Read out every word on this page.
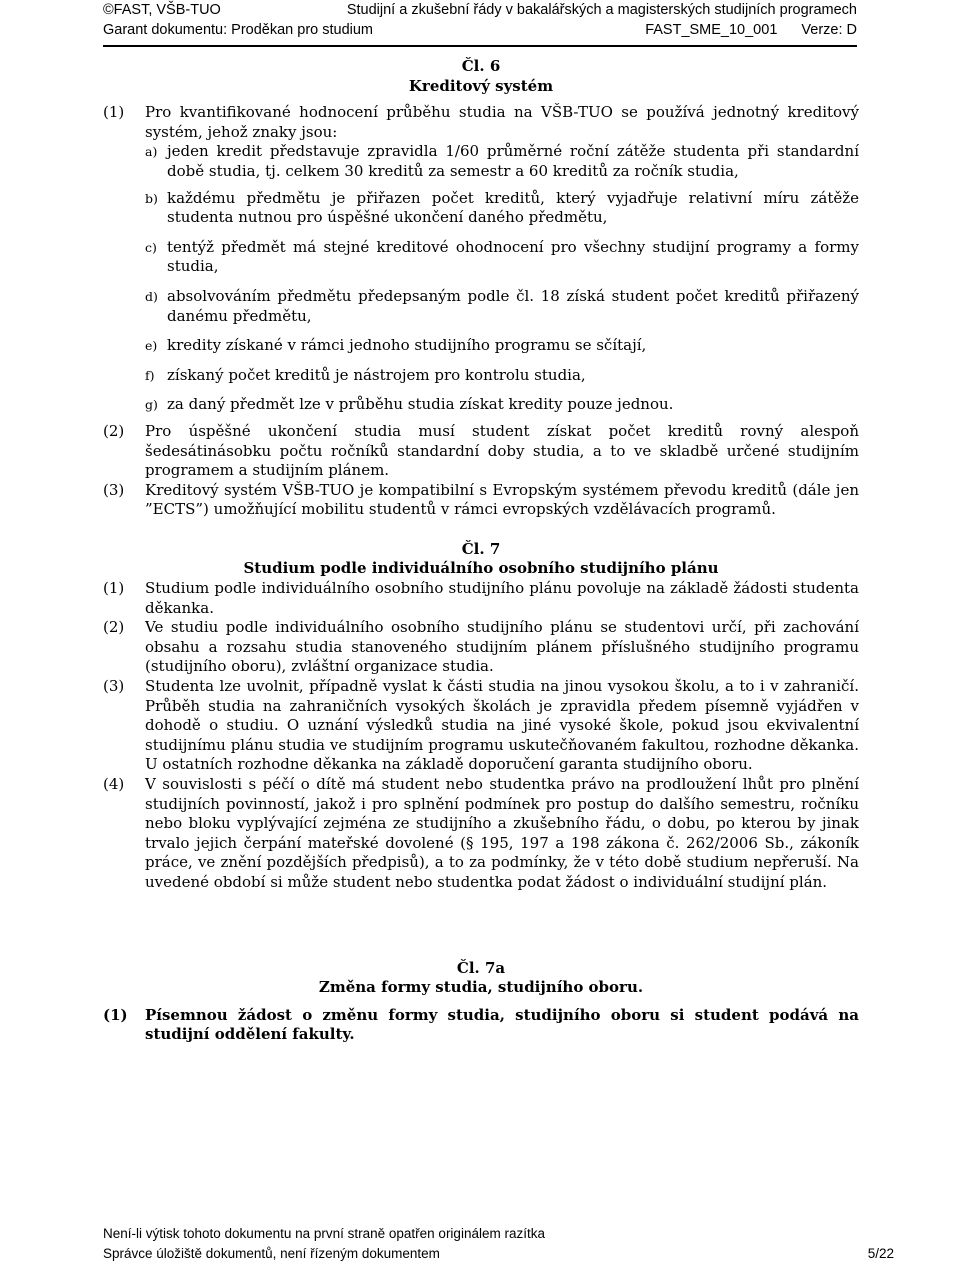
©FAST, VŠB-TUO	Studijní a zkušební řády v bakalářských a magisterských studijních programech
Garant dokumentu: Proděkan pro studium	FAST_SME_10_001 Verze: D

Čl. 6

Kreditový systém

(1)	Pro kvantifikované hodnocení průběhu studia na VŠB-TUO se používá jednotný kreditový systém, jehož znaky jsou:
a) jeden kredit představuje zpravidla 1/60 průměrné roční zátěže studenta při standardní době studia, tj. celkem 30 kreditů za semestr a 60 kreditů za ročník studia,
b) každému předmětu je přiřazen počet kreditů, který vyjadřuje relativní míru zátěže studenta nutnou pro úspěšné ukončení daného předmětu,
c) tentýž předmět má stejné kreditové ohodnocení pro všechny studijní programy a formy studia,
d) absolvováním předmětu předepsaným podle čl. 18 získá student počet kreditů přiřazený danému předmětu,
e) kredity získané v rámci jednoho studijního programu se sčítají,
f) získaný počet kreditů je nástrojem pro kontrolu studia,
g) za daný předmět lze v průběhu studia získat kredity pouze jednou.
(2)	Pro úspěšné ukončení studia musí student získat počet kreditů rovný alespoň šedesátinásobku počtu ročníků standardní doby studia, a to ve skladbě určené studijním programem a studijním plánem.
(3)	Kreditový systém VŠB-TUO je kompatibilní s Evropským systémem převodu kreditů (dále jen ”ECTS”) umožňující mobilitu studentů v rámci evropských vzdělávacích programů.

Čl. 7

Studium podle individuálního osobního studijního plánu

(1)	Studium podle individuálního osobního studijního plánu povoluje na základě žádosti studenta děkanka.
(2)	Ve studiu podle individuálního osobního studijního plánu se studentovi určí, při zachování obsahu a rozsahu studia stanoveného studijním plánem příslušného studijního programu (studijního oboru), zvláštní organizace studia.
(3)	Studenta lze uvolnit, případně vyslat k části studia na jinou vysokou školu, a to i v zahraničí. Průběh studia na zahraničních vysokých školách je zpravidla předem písemně vyjádřen v dohodě o studiu. O uznání výsledků studia na jiné vysoké škole, pokud jsou ekvivalentní studijnímu plánu studia ve studijním programu uskutečňovaném fakultou, rozhodne děkanka. U ostatních rozhodne děkanka na základě doporučení garanta studijního oboru.
(4)	V souvislosti s péčí o dítě má student nebo studentka právo na prodloužení lhůt pro plnění studijních povinností, jakož i pro splnění podmínek pro postup do dalšího semestru, ročníku nebo bloku vyplývající zejména ze studijního a zkušebního řádu, o dobu, po kterou by jinak trvalo jejich čerpání mateřské dovolené (§ 195, 197 a 198 zákona č. 262/2006 Sb., zákoník práce, ve znění pozdějších předpisů), a to za podmínky, že v této době studium nepřeruší. Na uvedené období si může student nebo studentka podat žádost o individuální studijní plán.

Čl. 7a

Změna formy studia, studijního oboru.

(1)	Písemnou žádost o změnu formy studia, studijního oboru si student podává na studijní oddělení fakulty.
Není-li výtisk tohoto dokumentu na první straně opatřen originálem razítka
Správce úložiště dokumentů, není řízeným dokumentem	5/22
